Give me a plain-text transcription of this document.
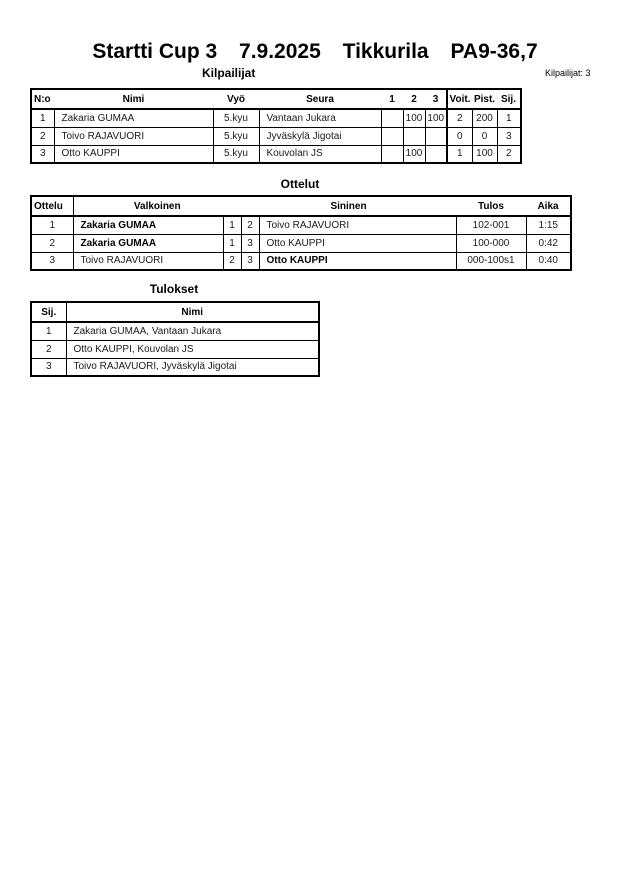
Startti Cup 3 7.9.2025 Tikkurila PA9-36,7
Kilpailijat	Kilpailijat: 3
N:o	Nimi	Vyö	Seura	1	2	3	Voit.	Pist.	Sij.
1	Zakaria GUMAA	5.kyu	Vantaan Jukara		100	100	2	200	1
2	Toivo RAJAVUORI	5.kyu	Jyväskylä Jigotai				0	0	3
3	Otto KAUPPI	5.kyu	Kouvolan JS		100		1	100	2
Ottelut
Ottelu	Valkoinen		Sininen		Tulos	Aika
1	Zakaria GUMAA	1	2	Toivo RAJAVUORI	102-001	1:15
2	Zakaria GUMAA	1	3	Otto KAUPPI	100-000	0:42
3	Toivo RAJAVUORI	2	3	Otto KAUPPI	000-100s1	0:40
Tulokset
Sij.	Nimi
1	Zakaria GUMAA, Vantaan Jukara
2	Otto KAUPPI, Kouvolan JS
3	Toivo RAJAVUORI, Jyväskylä Jigotai
